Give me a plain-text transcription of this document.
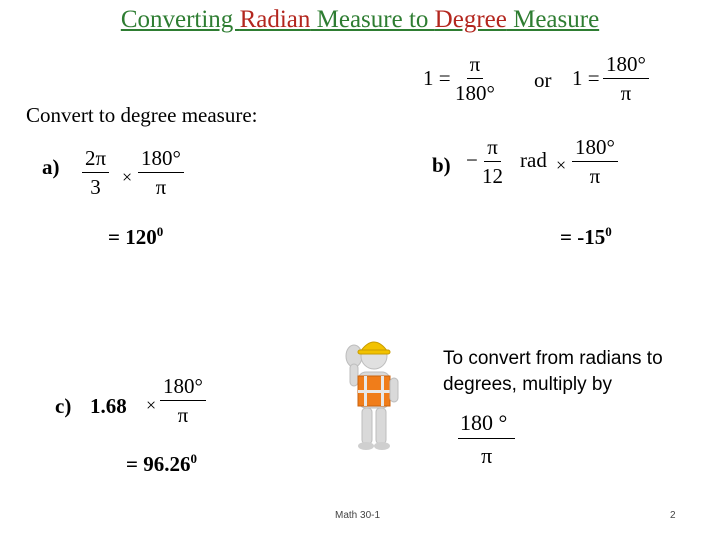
Converting Radian Measure to Degree Measure
$1 = \frac{\pi}{180^\circ}$ or $1 = \frac{180^\circ}{\pi}$
Convert to degree measure:
$a) \frac{2\pi}{3} \times \frac{180^\circ}{\pi}$
= $120^0$
$b) - \frac{\pi}{12}$ rad × $\frac{180^\circ}{\pi}$
= $-15^0$
c) $1.68 \times \frac{180^\circ}{\pi}$
= $96.26^0$
To convert from radians to degrees, multiply by
$\frac{180 ^\circ}{\pi}$
Math 30-1	2
